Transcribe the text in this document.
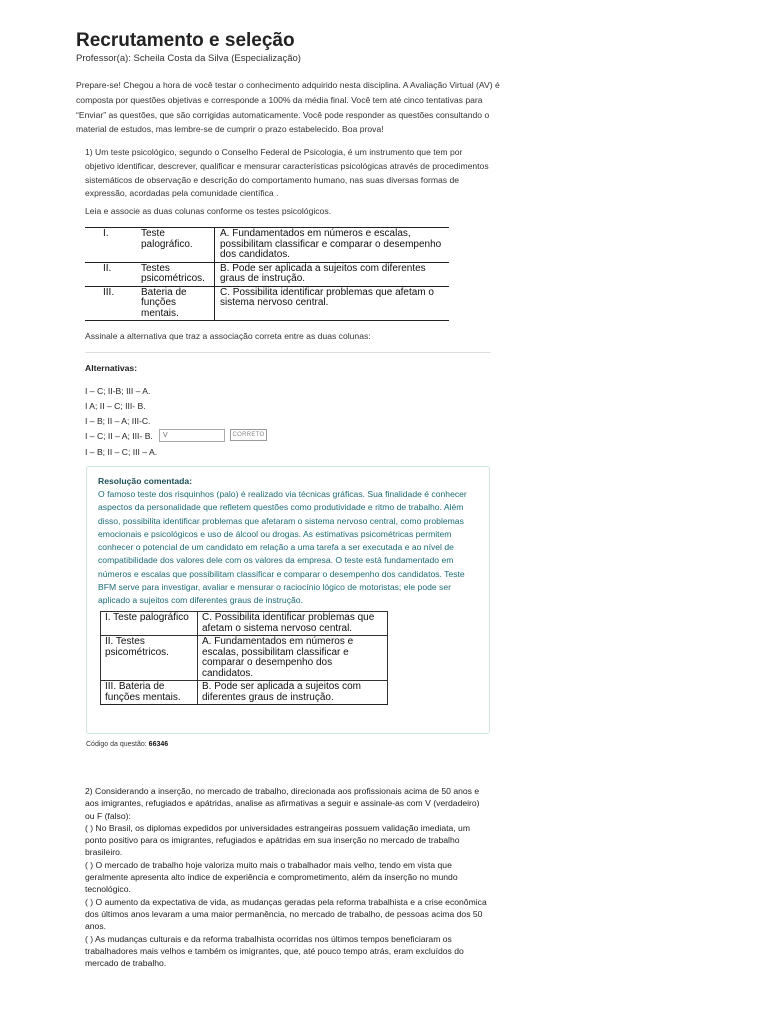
Recrutamento e seleção
Professor(a): Scheila Costa da Silva (Especialização)

Prepare-se! Chegou a hora de você testar o conhecimento adquirido nesta disciplina. A Avaliação Virtual (AV) é composta por questões objetivas e corresponde a 100% da média final. Você tem até cinco tentativas para “Enviar” as questões, que são corrigidas automaticamente. Você pode responder as questões consultando o material de estudos, mas lembre-se de cumprir o prazo estabelecido. Boa prova!

1) Um teste psicológico, segundo o Conselho Federal de Psicologia, é um instrumento que tem por objetivo identificar, descrever, qualificar e mensurar características psicológicas através de procedimentos sistemáticos de observação e descrição do comportamento humano, nas suas diversas formas de expressão, acordadas pela comunidade científica .

Leia e associe as duas colunas conforme os testes psicológicos.
I.	Teste palográfico.	A. Fundamentados em números e escalas, possibilitam classificar e comparar o desempenho dos candidatos.
II.	Testes psicométricos.	B. Pode ser aplicada a sujeitos com diferentes graus de instrução.
III.	Bateria de funções mentais.	C. Possibilita identificar problemas que afetam o sistema nervoso central.
Assinale a alternativa que traz a associação correta entre as duas colunas:
Alternativas:
I – C; II-B; III – A.
I A; II – C; III- B.
I – B; II – A; III-C.
I – C; II – A; III- B.	V	CORRETO
I – B; II – C; III – A.
Resolução comentada:

O famoso teste dos risquinhos (palo) é realizado via técnicas gráficas. Sua finalidade é conhecer aspectos da personalidade que refletem questões como produtividade e ritmo de trabalho. Além disso, possibilita identificar problemas que afetaram o sistema nervoso central, como problemas emocionais e psicológicos e uso de álcool ou drogas. As estimativas psicométricas permitem conhecer o potencial de um candidato em relação a uma tarefa a ser executada e ao nível de compatibilidade dos valores dele com os valores da empresa. O teste está fundamentado em números e escalas que possibilitam classificar e comparar o desempenho dos candidatos. Teste BFM serve para investigar, avaliar e mensurar o raciocínio lógico de motoristas; ele pode ser aplicado a sujeitos com diferentes graus de instrução.

I. Teste palográfico	C. Possibilita identificar problemas que afetam o sistema nervoso central.
II. Testes psicométricos.	A. Fundamentados em números e escalas, possibilitam classificar e comparar o desempenho dos candidatos.
III. Bateria de funções mentais.	B. Pode ser aplicada a sujeitos com diferentes graus de instrução.
Código da questão: 66346

2) Considerando a inserção, no mercado de trabalho, direcionada aos profissionais acima de 50 anos e aos imigrantes, refugiados e apátridas, analise as afirmativas a seguir e assinale-as com V (verdadeiro) ou F (falso):

( ) No Brasil, os diplomas expedidos por universidades estrangeiras possuem validação imediata, um ponto positivo para os imigrantes, refugiados e apátridas em sua inserção no mercado de trabalho brasileiro.

( ) O mercado de trabalho hoje valoriza muito mais o trabalhador mais velho, tendo em vista que geralmente apresenta alto índice de experiência e comprometimento, além da inserção no mundo tecnológico.

( ) O aumento da expectativa de vida, as mudanças geradas pela reforma trabalhista e a crise econômica dos últimos anos levaram a uma maior permanência, no mercado de trabalho, de pessoas acima dos 50 anos.

( ) As mudanças culturais e da reforma trabalhista ocorridas nos últimos tempos beneficiaram os trabalhadores mais velhos e também os imigrantes, que, até pouco tempo atrás, eram excluídos do mercado de trabalho.
